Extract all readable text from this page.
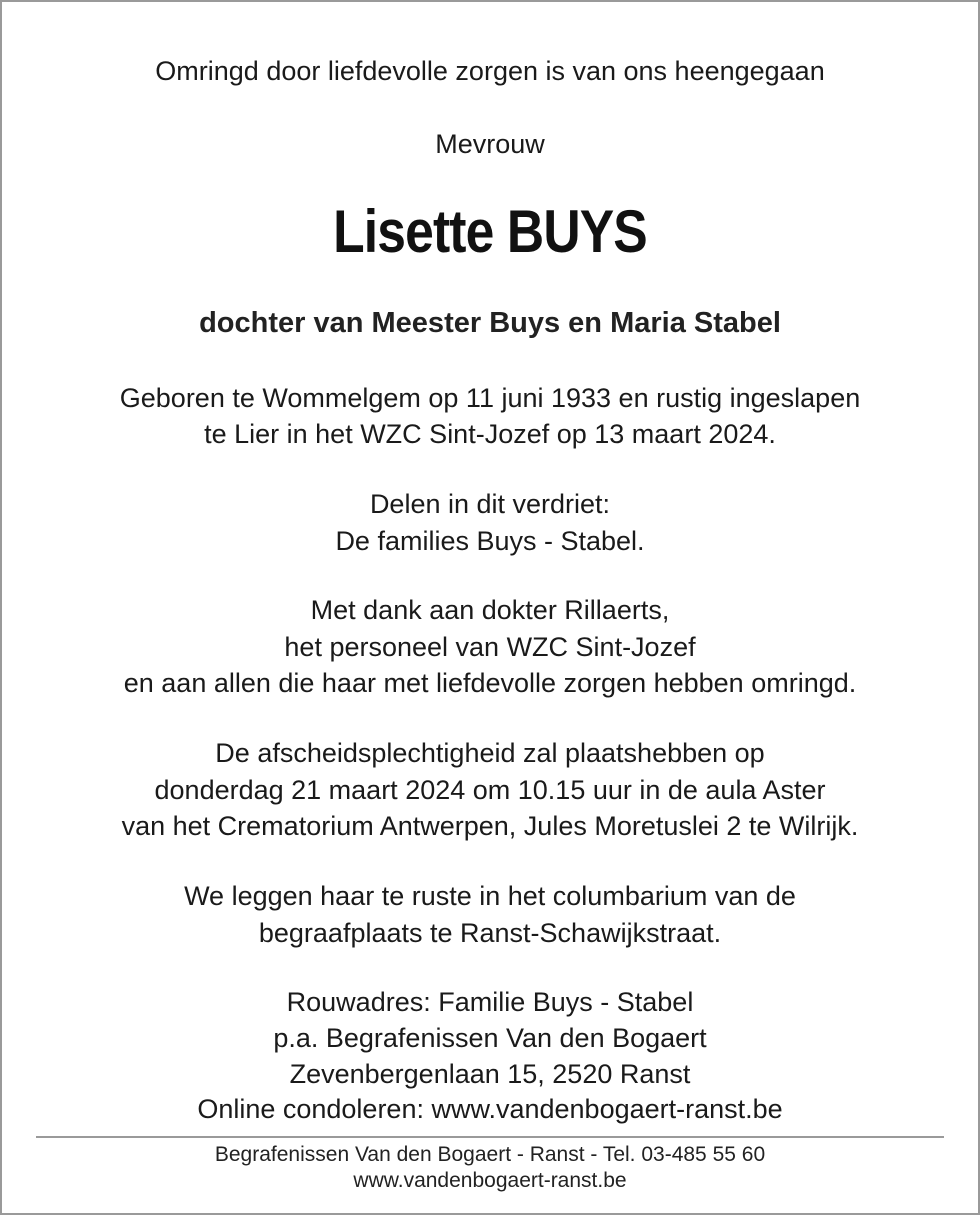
Omringd door liefdevolle zorgen is van ons heengegaan
Mevrouw
Lisette BUYS
dochter van Meester Buys en Maria Stabel
Geboren te Wommelgem op 11 juni 1933 en rustig ingeslapen
te Lier in het WZC Sint-Jozef op 13 maart 2024.
Delen in dit verdriet:
De families Buys - Stabel.
Met dank aan dokter Rillaerts,
het personeel van WZC Sint-Jozef
en aan allen die haar met liefdevolle zorgen hebben omringd.
De afscheidsplechtigheid zal plaatshebben op
donderdag 21 maart 2024 om 10.15 uur in de aula Aster
van het Crematorium Antwerpen, Jules Moretuslei 2 te Wilrijk.
We leggen haar te ruste in het columbarium van de
begraafplaats te Ranst-Schawijkstraat.
Rouwadres: Familie Buys - Stabel
p.a. Begrafenissen Van den Bogaert
Zevenbergenlaan 15, 2520 Ranst
Online condoleren: www.vandenbogaert-ranst.be
Begrafenissen Van den Bogaert - Ranst - Tel. 03-485 55 60
www.vandenbogaert-ranst.be
